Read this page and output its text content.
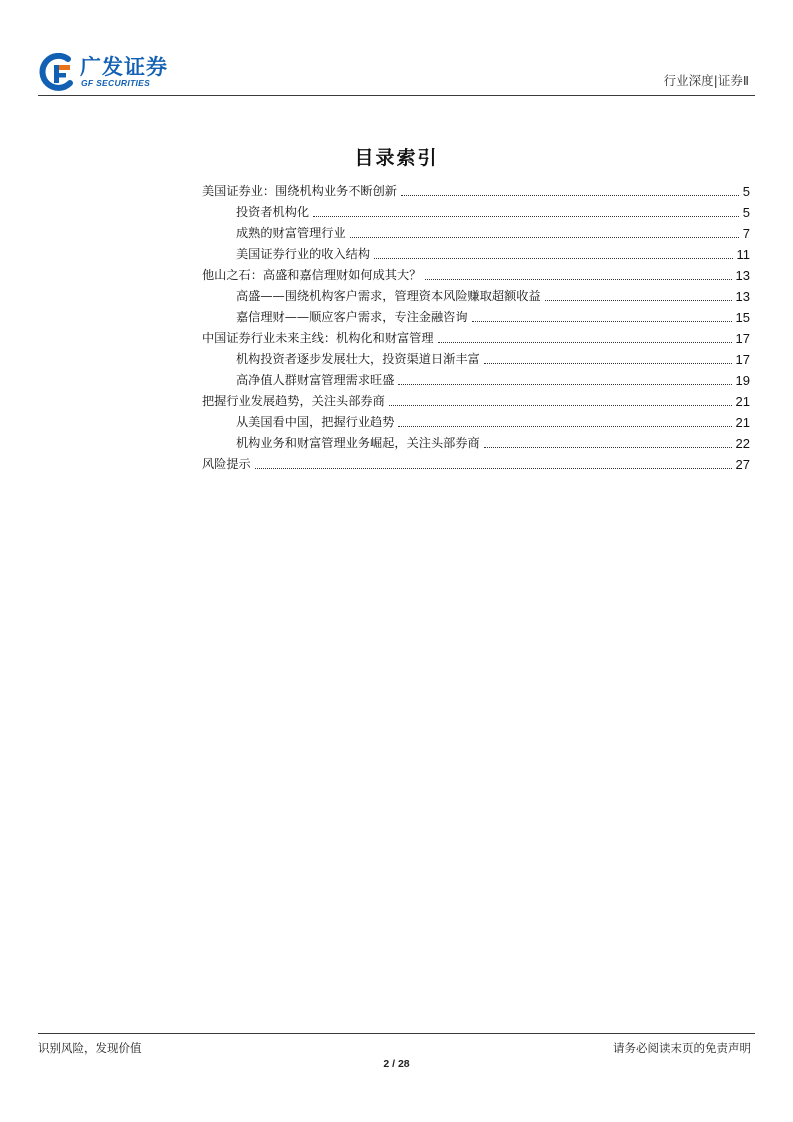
广发证券
GF SECURITIES	行业深度|证券Ⅱ
目录索引
美国证券业：围绕机构业务不断创新	5
投资者机构化	5
成熟的财富管理行业	7
美国证券行业的收入结构	11
他山之石：高盛和嘉信理财如何成其大？	13
高盛——围绕机构客户需求，管理资本风险赚取超额收益	13
嘉信理财——顺应客户需求，专注金融咨询	15
中国证券行业未来主线：机构化和财富管理	17
机构投资者逐步发展壮大，投资渠道日渐丰富	17
高净值人群财富管理需求旺盛	19
把握行业发展趋势，关注头部券商	21
从美国看中国，把握行业趋势	21
机构业务和财富管理业务崛起，关注头部券商	22
风险提示	27
识别风险，发现价值	请务必阅读末页的免责声明
2 / 28
